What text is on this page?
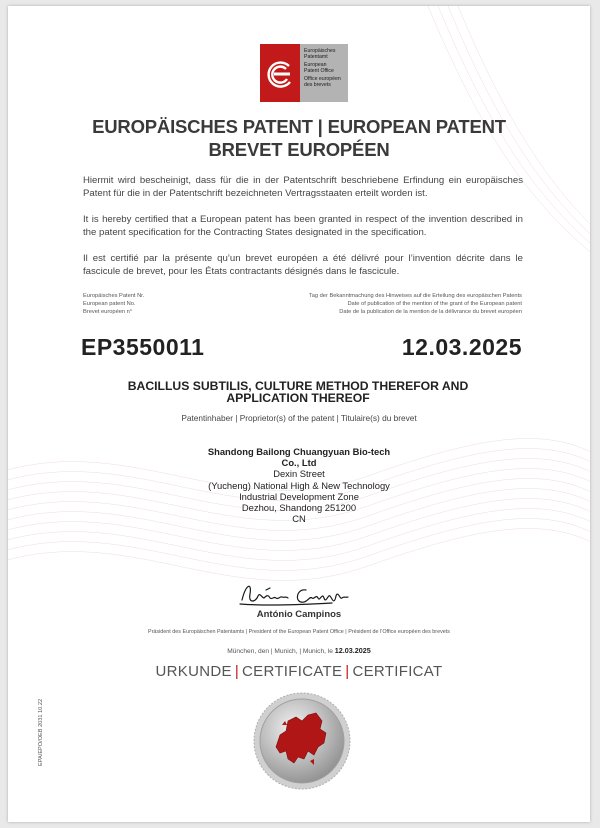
Europäisches
Patentamt
European
Patent Office
Office européen
des brevets
EUROPÄISCHES PATENT | EUROPEAN PATENT
BREVET EUROPÉEN
Hiermit wird bescheinigt, dass für die in der Patentschrift beschriebene Erfindung ein europäisches Patent für die in der Patentschrift bezeichneten Vertragsstaaten erteilt worden ist.
It is hereby certified that a European patent has been granted in respect of the invention described in the patent specification for the Contracting States designated in the specification.
Il est certifié par la présente qu’un brevet européen a été délivré pour l’invention décrite dans le fascicule de brevet, pour les États contractants désignés dans le fascicule.
Europäisches Patent Nr.
European patent No.
Brevet européen n°
Tag der Bekanntmachung des Hinweises auf die Erteilung des europäischen Patents
Date of publication of the mention of the grant of the European patent
Date de la publication de la mention de la délivrance du brevet européen
EP3550011	12.03.2025
BACILLUS SUBTILIS, CULTURE METHOD THEREFOR AND
APPLICATION THEREOF
Patentinhaber | Proprietor(s) of the patent | Titulaire(s) du brevet
Shandong Bailong Chuangyuan Bio-tech
Co., Ltd
Dexin Street
(Yucheng) National High & New Technology
Industrial Development Zone
Dezhou, Shandong 251200
CN
António Campinos
Präsident des Europäischen Patentamts | President of the European Patent Office | Président de l’Office européen des brevets
München, den | Munich, | Munich, le 12.03.2025
URKUNDE | CERTIFICATE | CERTIFICAT
EPA/EPO/OEB 2031 10.22
